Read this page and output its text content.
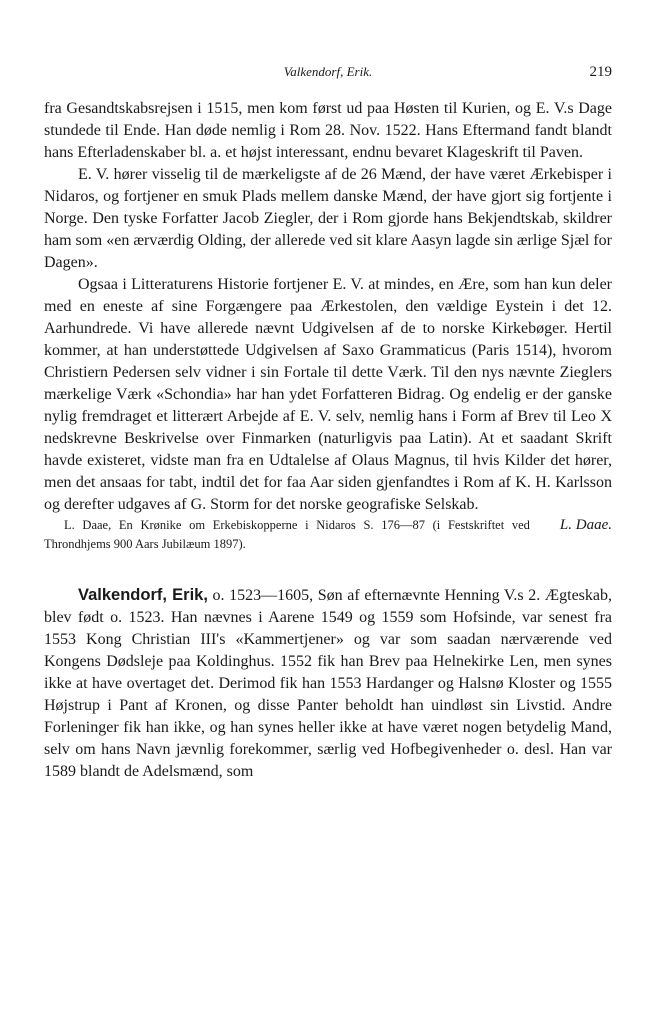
Valkendorf, Erik.	219

fra Gesandtskabsrejsen i 1515, men kom først ud paa Høsten til Kurien, og E. V.s Dage stundede til Ende. Han døde nemlig i Rom 28. Nov. 1522. Hans Eftermand fandt blandt hans Efterladenskaber bl. a. et højst interessant, endnu bevaret Klageskrift til Paven.

E. V. hører visselig til de mærkeligste af de 26 Mænd, der have været Ærkebisper i Nidaros, og fortjener en smuk Plads mellem danske Mænd, der have gjort sig fortjente i Norge. Den tyske Forfatter Jacob Ziegler, der i Rom gjorde hans Bekjendtskab, skildrer ham som «en ærværdig Olding, der allerede ved sit klare Aasyn lagde sin ærlige Sjæl for Dagen».

Ogsaa i Litteraturens Historie fortjener E. V. at mindes, en Ære, som han kun deler med en eneste af sine Forgængere paa Ærkestolen, den vældige Eystein i det 12. Aarhundrede. Vi have allerede nævnt Udgivelsen af de to norske Kirkebøger. Hertil kommer, at han understøttede Udgivelsen af Saxo Grammaticus (Paris 1514), hvorom Christiern Pedersen selv vidner i sin Fortale til dette Værk. Til den nys nævnte Zieglers mærkelige Værk «Schondia» har han ydet Forfatteren Bidrag. Og endelig er der ganske nylig fremdraget et litterært Arbejde af E. V. selv, nemlig hans i Form af Brev til Leo X nedskrevne Beskrivelse over Finmarken (naturligvis paa Latin). At et saadant Skrift havde existeret, vidste man fra en Udtalelse af Olaus Magnus, til hvis Kilder det hører, men det ansaas for tabt, indtil det for faa Aar siden gjenfandtes i Rom af K. H. Karlsson og derefter udgaves af G. Storm for det norske geografiske Selskab.

L. Daae.
L. Daae, En Krønike om Erkebiskopperne i Nidaros S. 176—87 (i Festskriftet ved Throndhjems 900 Aars Jubilæum 1897).

Valkendorf, Erik, o. 1523—1605, Søn af efternævnte Henning V.s 2. Ægteskab, blev født o. 1523. Han nævnes i Aarene 1549 og 1559 som Hofsinde, var senest fra 1553 Kong Christian III's «Kammertjener» og var som saadan nærværende ved Kongens Dødsleje paa Koldinghus. 1552 fik han Brev paa Helnekirke Len, men synes ikke at have overtaget det. Derimod fik han 1553 Hardanger og Halsnø Kloster og 1555 Højstrup i Pant af Kronen, og disse Panter beholdt han uindløst sin Livstid. Andre Forleninger fik han ikke, og han synes heller ikke at have været nogen betydelig Mand, selv om hans Navn jævnlig forekommer, særlig ved Hofbegivenheder o. desl. Han var 1589 blandt de Adelsmænd, som
